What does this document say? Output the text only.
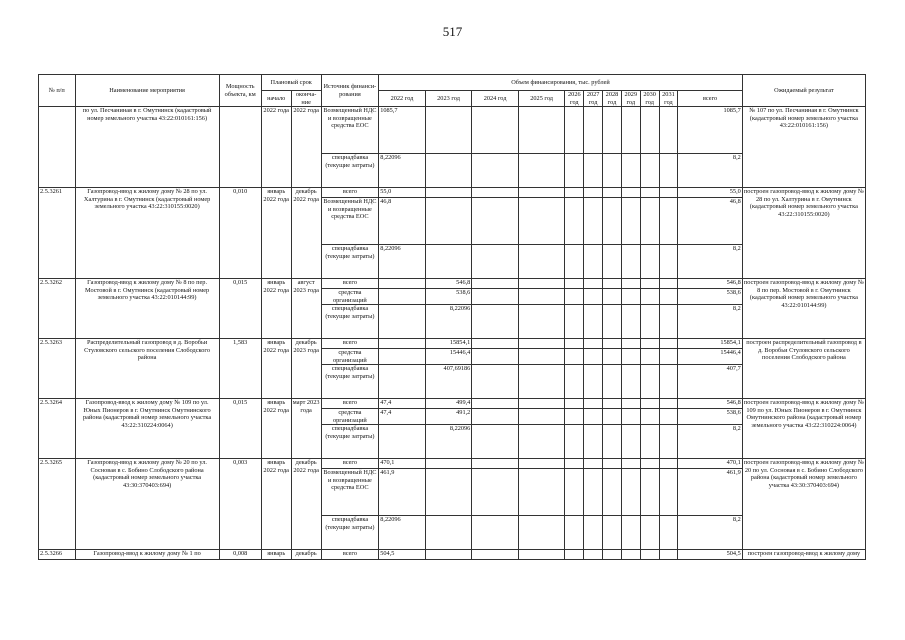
517
№ п/п	Наименование мероприятия	Мощность объекта, км	Плановый срок		Источник финанси-рования	Объем финансирования, тыс. рублей											Ожидаемый результат
			начало	оконча-ние		2022 год	2023 год	2024 год	2025 год	2026 год	2027 год	2028 год	2029 год	2030 год	2031 год	всего	
	по ул. Песчаниная в г. Омутнинск (кадастровый номер земельного участка 43:22:010161:156)		2022 года	2022 года	Возмещенный НДС и возвращенные средства ЕОС	1085,7										1085,7	№ 107 по ул. Песчаниная в г. Омутнинск (кадастровый номер земельного участка 43:22:010161:156)
					спецнадбавка (текущие затраты)	8,22096										8,2	
2.5.3261	Газопровод-ввод к жилому дому № 28 по ул. Халтурина в г. Омутнинск (кадастровый номер земельного участка 43:22:310155:0020)	0,010	январь 2022 года	декабрь 2022 года	всего	55,0										55,0	построен газопровод-ввод к жилому дому № 28 по ул. Халтурина в г. Омутнинск (кадастровый номер земельного участка 43:22:310155:0020)
					Возмещенный НДС и возвращенные средства ЕОС	46,8										46,8	
					спецнадбавка (текущие затраты)	8,22096										8,2	
2.5.3262	Газопровод-ввод к жилому дому № 8 по пер. Мостовой в г. Омутнинск (кадастровый номер земельного участка 43:22:010144:99)	0,015	январь 2022 года	август 2023 года	всего		546,8									546,8	построен газопровод-ввод к жилому дому № 8 по пер. Мостовой в г. Омутнинск (кадастровый номер земельного участка 43:22:010144:99)
					средства организаций		538,6									538,6	
					спецнадбавка (текущие затраты)		8,22096									8,2	
2.5.3263	Распределительный газопровод в д. Воробьи Стуловского сельского поселения Слободского района	1,583	январь 2022 года	декабрь 2023 года	всего		15854,1									15854,1	построен распределительный газопровод в д. Воробьи Стуловского сельского поселения Слободского района
					средства организаций		15446,4									15446,4	
					спецнадбавка (текущие затраты)		407,69186									407,7	
2.5.3264	Газопровод-ввод к жилому дому № 109 по ул. Юных Пионеров в г. Омутнинск Омутнинского района (кадастровый номер земельного участка 43:22:310224:0064)	0,015	январь 2022 года	март 2023 года	всего	47,4	499,4									546,8	построен газопровод-ввод к жилому дому № 109 по ул. Юных Пионеров в г. Омутнинск Омутнинского района (кадастровый номер земельного участка 43:22:310224:0064)
					средства организаций	47,4	491,2									538,6	
					спецнадбавка (текущие затраты)		8,22096									8,2	
2.5.3265	Газопровод-ввод к жилому дому № 20 по ул. Сосновая в с. Бобино Слободского района (кадастровый номер земельного участка 43:30:370403:694)	0,003	январь 2022 года	декабрь 2022 года	всего	470,1										470,1	построен газопровод-ввод к жилому дому № 20 по ул. Сосновая в с. Бобино Слободского района (кадастровый номер земельного участка 43:30:370403:694)
					Возмещенный НДС и возвращенные средства ЕОС	461,9										461,9	
					спецнадбавка (текущие затраты)	8,22096										8,2	
2.5.3266	Газопровод-ввод к жилому дому № 1 по	0,008	январь	декабрь	всего	504,5										504,5	построен газопровод-ввод к жилому дому
